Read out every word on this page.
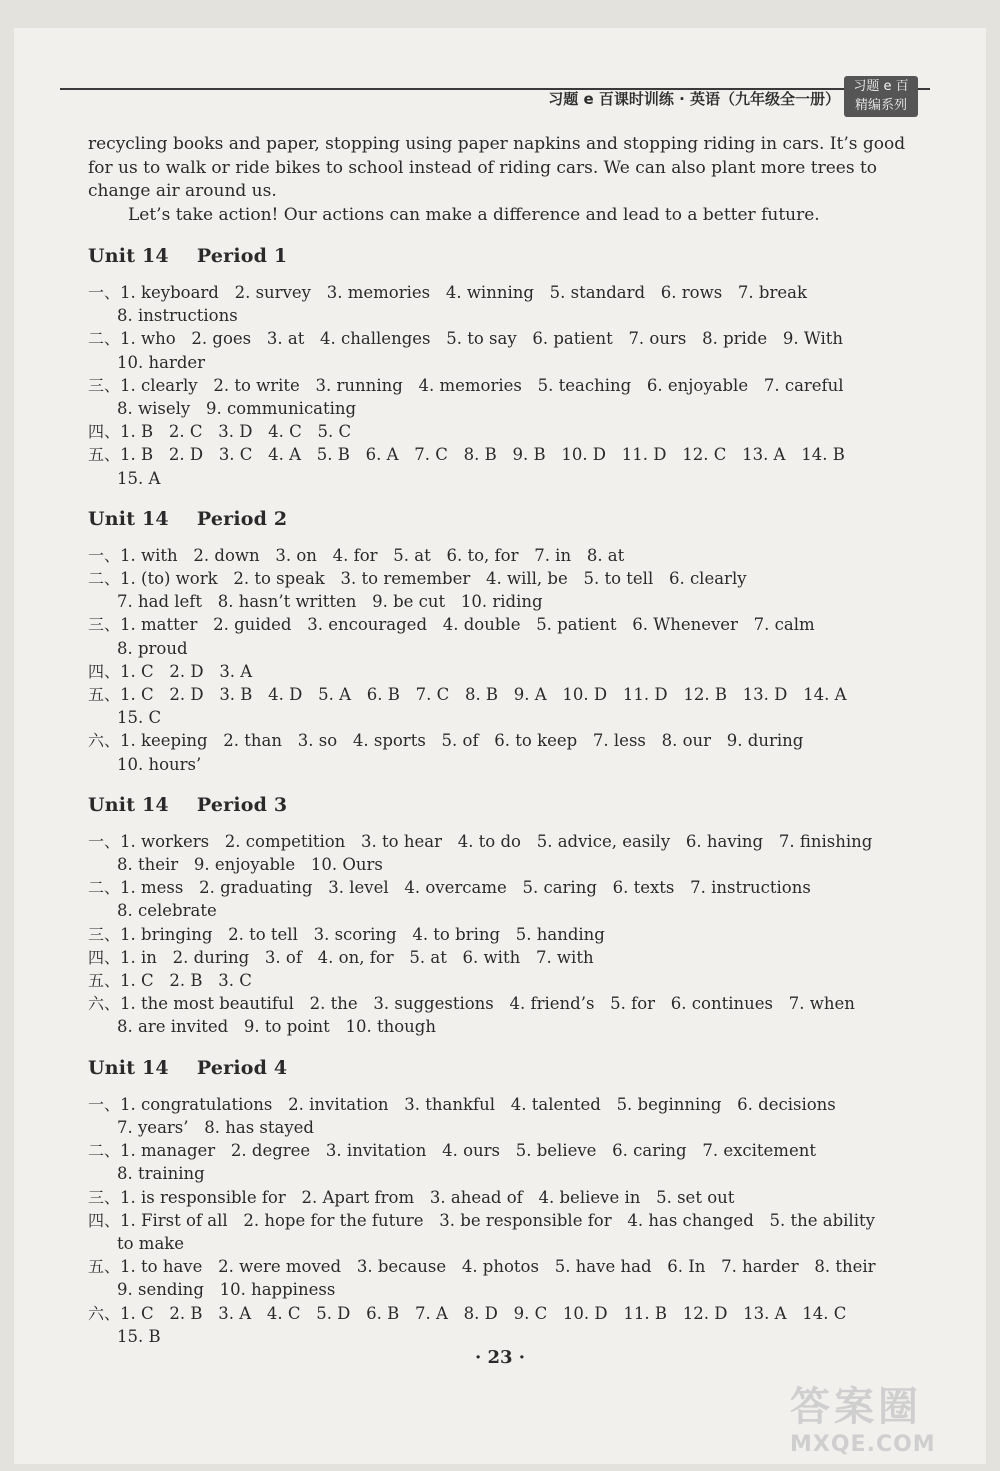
习题 e 百课时训练 · 英语（九年级全一册）
习题 e 百
精编系列

recycling books and paper, stopping using paper napkins and stopping riding in cars. It’s good for us to walk or ride bikes to school instead of riding cars. We can also plant more trees to change air around us.

Let’s take action! Our actions can make a difference and lead to a better future.

Unit 14 Period 1
一、1. keyboard   2. survey   3. memories   4. winning   5. standard   6. rows   7. break
8. instructions
二、1. who   2. goes   3. at   4. challenges   5. to say   6. patient   7. ours   8. pride   9. With
10. harder
三、1. clearly   2. to write   3. running   4. memories   5. teaching   6. enjoyable   7. careful
8. wisely   9. communicating
四、1. B   2. C   3. D   4. C   5. C
五、1. B   2. D   3. C   4. A   5. B   6. A   7. C   8. B   9. B   10. D   11. D   12. C   13. A   14. B
15. A
Unit 14 Period 2
一、1. with   2. down   3. on   4. for   5. at   6. to, for   7. in   8. at
二、1. (to) work   2. to speak   3. to remember   4. will, be   5. to tell   6. clearly
7. had left   8. hasn’t written   9. be cut   10. riding
三、1. matter   2. guided   3. encouraged   4. double   5. patient   6. Whenever   7. calm
8. proud
四、1. C   2. D   3. A
五、1. C   2. D   3. B   4. D   5. A   6. B   7. C   8. B   9. A   10. D   11. D   12. B   13. D   14. A
15. C
六、1. keeping   2. than   3. so   4. sports   5. of   6. to keep   7. less   8. our   9. during
10. hours’
Unit 14 Period 3
一、1. workers   2. competition   3. to hear   4. to do   5. advice, easily   6. having   7. finishing
8. their   9. enjoyable   10. Ours
二、1. mess   2. graduating   3. level   4. overcame   5. caring   6. texts   7. instructions
8. celebrate
三、1. bringing   2. to tell   3. scoring   4. to bring   5. handing
四、1. in   2. during   3. of   4. on, for   5. at   6. with   7. with
五、1. C   2. B   3. C
六、1. the most beautiful   2. the   3. suggestions   4. friend’s   5. for   6. continues   7. when
8. are invited   9. to point   10. though
Unit 14 Period 4
一、1. congratulations   2. invitation   3. thankful   4. talented   5. beginning   6. decisions
7. years’   8. has stayed
二、1. manager   2. degree   3. invitation   4. ours   5. believe   6. caring   7. excitement
8. training
三、1. is responsible for   2. Apart from   3. ahead of   4. believe in   5. set out
四、1. First of all   2. hope for the future   3. be responsible for   4. has changed   5. the ability
to make
五、1. to have   2. were moved   3. because   4. photos   5. have had   6. In   7. harder   8. their
9. sending   10. happiness
六、1. C   2. B   3. A   4. C   5. D   6. B   7. A   8. D   9. C   10. D   11. B   12. D   13. A   14. C
15. B
· 23 ·
答案圈
MXQE.COM
